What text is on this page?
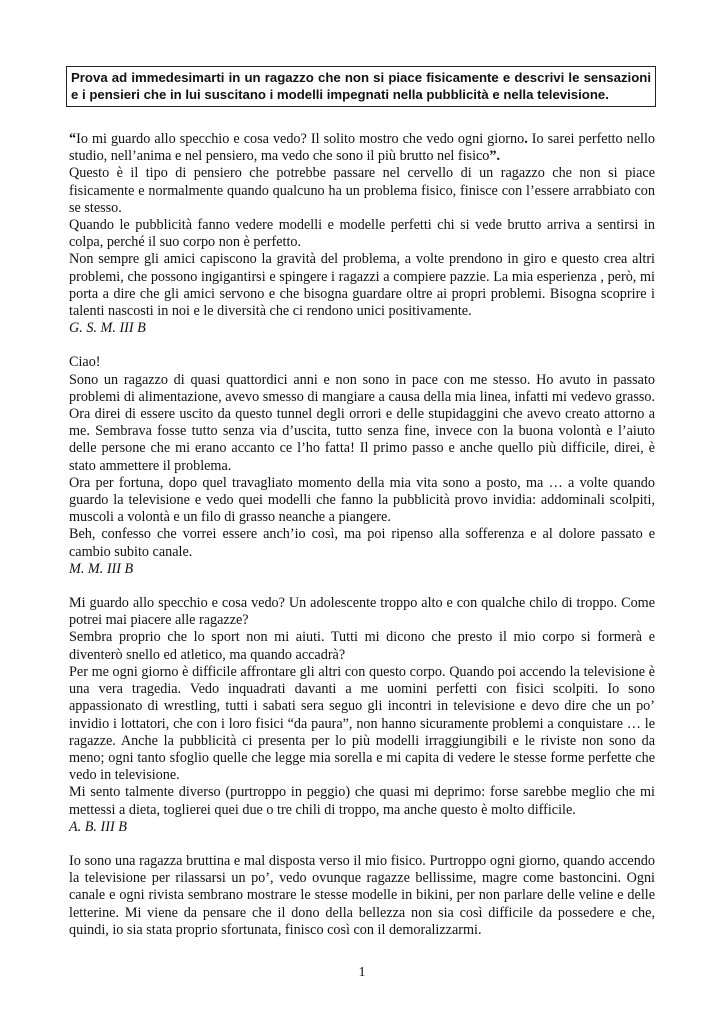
Prova ad immedesimarti in un ragazzo che non si piace fisicamente e descrivi le sensazioni e i pensieri che in lui suscitano i modelli impegnati nella pubblicità e nella televisione.

“Io mi guardo allo specchio e cosa vedo? Il solito mostro che vedo ogni giorno. Io sarei perfetto nello studio, nell’anima e nel pensiero, ma vedo che sono il più brutto nel fisico”.

Questo è il tipo di pensiero che potrebbe passare nel cervello di un ragazzo che non si piace fisicamente e normalmente quando qualcuno ha un problema fisico, finisce con l’essere arrabbiato con se stesso.

Quando le pubblicità fanno vedere modelli e modelle perfetti chi si vede brutto arriva a sentirsi in colpa, perché il suo corpo non è perfetto.

Non sempre gli amici capiscono la gravità del problema, a volte prendono in giro e questo crea altri problemi, che possono ingigantirsi e spingere i ragazzi a compiere pazzie. La mia esperienza , però, mi porta a dire che gli amici servono e che bisogna guardare oltre ai propri problemi. Bisogna scoprire i talenti nascosti in noi e le diversità che ci rendono unici positivamente.

G. S. M. III B

Ciao!

Sono un ragazzo di quasi quattordici anni e non sono in pace con me stesso. Ho avuto in passato problemi di alimentazione, avevo smesso di mangiare a causa della mia linea, infatti mi vedevo grasso. Ora direi di essere uscito da questo tunnel degli orrori e delle stupidaggini che avevo creato attorno a me. Sembrava fosse tutto senza via d’uscita, tutto senza fine, invece con la buona volontà e l’aiuto delle persone che mi erano accanto ce l’ho fatta! Il primo passo e anche quello più difficile, direi, è stato ammettere il problema.

Ora per fortuna, dopo quel travagliato momento della mia vita sono a posto, ma … a volte quando guardo la televisione e vedo quei modelli che fanno la pubblicità provo invidia: addominali scolpiti, muscoli a volontà e un filo di grasso neanche a piangere.

Beh, confesso che vorrei essere anch’io così, ma poi ripenso alla sofferenza e al dolore passato e cambio subito canale.

M. M. III B

Mi guardo allo specchio e cosa vedo? Un adolescente troppo alto e con qualche chilo di troppo. Come potrei mai piacere alle ragazze?

Sembra proprio che lo sport non mi aiuti. Tutti mi dicono che presto il mio corpo si formerà e diventerò snello ed atletico, ma quando accadrà?

Per me ogni giorno è difficile affrontare gli altri con questo corpo. Quando poi accendo la televisione è una vera tragedia. Vedo inquadrati davanti a me uomini perfetti con fisici scolpiti. Io sono appassionato di wrestling, tutti i sabati sera seguo gli incontri in televisione e devo dire che un po’ invidio i lottatori, che con i loro fisici “da paura”, non hanno sicuramente problemi a conquistare … le ragazze. Anche la pubblicità ci presenta per lo più modelli irraggiungibili e le riviste non sono da meno; ogni tanto sfoglio quelle che legge mia sorella e mi capita di vedere le stesse forme perfette che vedo in televisione.

Mi sento talmente diverso (purtroppo in peggio) che quasi mi deprimo: forse sarebbe meglio che mi mettessi a dieta, toglierei quei due o tre chili di troppo, ma anche questo è molto difficile.

A. B. III B

Io sono una ragazza bruttina e mal disposta verso il mio fisico. Purtroppo ogni giorno, quando accendo la televisione per rilassarsi un po’, vedo ovunque ragazze bellissime, magre come bastoncini. Ogni canale e ogni rivista sembrano mostrare le stesse modelle in bikini, per non parlare delle veline e delle letterine. Mi viene da pensare che il dono della bellezza non sia così difficile da possedere e che, quindi, io sia stata proprio sfortunata, finisco così con il demoralizzarmi.

1
